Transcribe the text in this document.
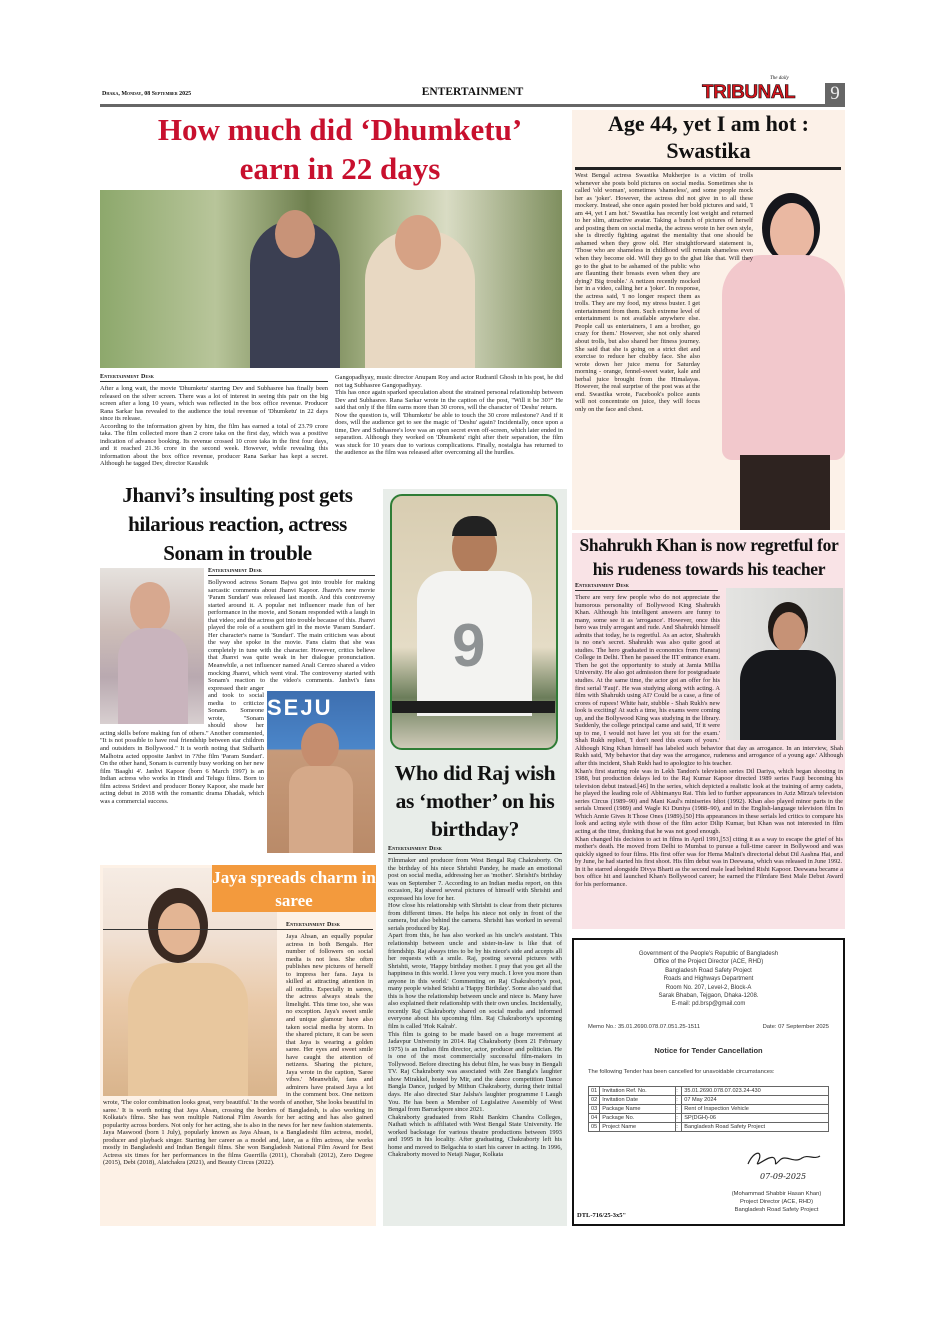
Dhaka, Monday, 08 September 2025	ENTERTAINMENT
The daily
TRIBUNAL 9
How much did ‘Dhumketu’ earn in 22 days
Entertainment Desk

After a long wait, the movie 'Dhumketu' starring Dev and Subhasree has finally been released on the silver screen. There was a lot of interest in seeing this pair on the big screen after a long 10 years, which was reflected in the box office revenue. Producer Rana Sarkar has revealed to the audience the total revenue of 'Dhumketu' in 22 days since its release.

According to the information given by him, the film has earned a total of 23.79 crore taka. The film collected more than 2 crore taka on the first day, which was a positive indication of advance booking. Its revenue crossed 10 crore taka in the first four days, and it reached 21.36 crore in the second week. However, while revealing this information about the box office revenue, producer Rana Sarkar has kept a secret. Although he tagged Dev, director Kaushik

Gangopadhyay, music director Anupam Roy and actor Rudranil Ghosh in his post, he did not tag Subhasree Gangopadhyay.

This has once again sparked speculation about the strained personal relationship between Dev and Subhasree. Rana Sarkar wrote in the caption of the post, "Will it be 30?" He said that only if the film earns more than 30 crores, will the character of 'Deshu' return.

Now the question is, will 'Dhumketu' be able to touch the 30 crore milestone? And if it does, will the audience get to see the magic of 'Deshu' again? Incidentally, once upon a time, Dev and Subhasree's love was an open secret even off-screen, which later ended in separation. Although they worked on 'Dhumketu' right after their separation, the film was stuck for 10 years due to various complications. Finally, nostalgia has returned to the audience as the film was released after overcoming all the hurdles.

Jhanvi’s insulting post gets hilarious reaction, actress Sonam in trouble
SEJU
Entertainment Desk

Bollywood actress Sonam Bajwa got into trouble for making sarcastic comments about Jhanvi Kapoor. Jhanvi's new movie 'Param Sundari' was released last month. And this controversy started around it. A popular net influencer made fun of her performance in the movie, and Sonam responded with a laugh in that video; and the actress got into trouble because of this. Jhanvi played the role of a southern girl in the movie 'Param Sundari'. Her character's name is 'Sundari'. The main criticism was about the way she spoke in the movie. Fans claim that she was completely in tune with the character. However, critics believe that Jhanvi was quite weak in her dialogue pronunciation. Meanwhile, a net influencer named Anali Cerezo shared a video mocking Jhanvi, which went viral. The controversy started with Sonam's reaction to the video's comments. Janhvi's fans expressed their anger and took to social media to criticize Sonam. Someone wrote, "Sonam should show her acting skills before making fun of others." Another commented, "It is not possible to have real friendship between star children and outsiders in Bollywood." It is worth noting that Sidharth Malhotra acted opposite Janhvi in ??the film 'Param Sundari'. On the other hand, Sonam is currently busy working on her new film 'Baaghi 4'. Janhvi Kapoor (born 6 March 1997) is an Indian actress who works in Hindi and Telugu films. Born to film actress Sridevi and producer Boney Kapoor, she made her acting debut in 2018 with the romantic drama Dhadak, which was a commercial success.

9
Who did Raj wish as ‘mother’ on his birthday?
Entertainment Desk

Filmmaker and producer from West Bengal Raj Chakraborty. On the birthday of his niece Shrishti Pandey, he made an emotional post on social media, addressing her as 'mother'. Shrishti's birthday was on September 7. According to an Indian media report, on this occasion, Raj shared several pictures of himself with Shrishti and expressed his love for her.

How close his relationship with Shrishti is clear from their pictures from different times. He helps his niece not only in front of the camera, but also behind the camera. Shrishti has worked in several serials produced by Raj.

Apart from this, he has also worked as his uncle's assistant. This relationship between uncle and sister-in-law is like that of friendship. Raj always tries to be by his niece's side and accepts all her requests with a smile. Raj, posting several pictures with Shrishti, wrote, 'Happy birthday mother. I pray that you get all the happiness in this world. I love you very much. I love you more than anyone in this world.' Commenting on Raj Chakraborty's post, many people wished Srishti a 'Happy Birthday'. Some also said that this is how the relationship between uncle and niece is. Many have also explained their relationship with their own uncles. Incidentally, recently Raj Chakraborty shared on social media and informed everyone about his upcoming film. Raj Chakraborty's upcoming film is called 'Hok Kalrab'.

This film is going to be made based on a huge movement at Jadavpur University in 2014. Raj Chakraborty (born 21 February 1975) is an Indian film director, actor, producer and politician. He is one of the most commercially successful film-makers in Tollywood. Before directing his debut film, he was busy in Bengali TV. Raj Chakraborty was associated with Zee Bangla's laughter show Mirakkel, hosted by Mir, and the dance competition Dance Bangla Dance, judged by Mithun Chakraborty, during their initial days. He also directed Star Jalsha's laughter programme I Laugh You. He has been a Member of Legislative Assembly of West Bengal from Barrackpore since 2021.

Chakraborty graduated from Rishi Bankim Chandra Colleges, Naihati which is affiliated with West Bengal State University. He worked backstage for various theatre productions between 1993 and 1995 in his locality. After graduating, Chakraborty left his home and moved to Belgachia to start his career in acting. In 1996, Chakraborty moved to Netaji Nagar, Kolkata

Entertainment Desk

Jaya Ahsan, an equally popular actress in both Bengals. Her number of followers on social media is not less. She often publishes new pictures of herself to impress her fans. Jaya is skilled at attracting attention in all outfits. Especially in sarees, the actress always steals the limelight. This time too, she was no exception. Jaya's sweet smile and unique glamour have also taken social media by storm. In the shared picture, it can be seen that Jaya is wearing a golden saree. Her eyes and sweet smile have caught the attention of netizens. Sharing the picture, Jaya wrote in the caption, 'Saree vibes.' Meanwhile, fans and admirers have praised Jaya a lot in the comment box. One netizen wrote, 'The color combination looks great, very beautiful.' In the words of another, 'She looks beautiful in saree.' It is worth noting that Jaya Ahsan, crossing the borders of Bangladesh, is also working in Kolkata's films. She has won multiple National Film Awards for her acting and has also gained popularity across borders. Not only for her acting, she is also in the news for her new fashion statements. Jaya Maswood (born 1 July), popularly known as Jaya Ahsan, is a Bangladeshi film actress, model, producer and playback singer. Starting her career as a model and, later, as a film actress, she works mostly in Bangladeshi and Indian Bengali films. She won Bangladesh National Film Award for Best Actress six times for her performances in the films Guerrilla (2011), Chorabali (2012), Zero Degree (2015), Debi (2018), Alatchakra (2021), and Beauty Circus (2022).

Jaya spreads charm in saree
Age 44, yet I am hot : Swastika

West Bengal actress Swastika Mukherjee is a victim of trolls whenever she posts bold pictures on social media. Sometimes she is called 'old woman', sometimes 'shameless', and some people mock her as 'joker'. However, the actress did not give in to all these mockery. Instead, she once again posted her bold pictures and said, 'I am 44, yet I am hot.' Swastika has recently lost weight and returned to her slim, attractive avatar. Taking a bunch of pictures of herself and posting them on social media, the actress wrote in her own style, she is directly fighting against the mentality that one should be ashamed when they grow old. Her straightforward statement is, 'Those who are shameless in childhood will remain shameless even when they become old. Will they go to the ghat like that. Will they go to the ghat to be ashamed of the public who are flaunting their breasts even when they are dying? Big trouble.' A netizen recently mocked her in a video, calling her a 'joker'. In response, the actress said, 'I no longer respect them as trolls. They are my food, my stress buster. I get entertainment from them. Such extreme level of entertainment is not available anywhere else. People call us entertainers, I am a brother, go crazy for them.' However, she not only shared about trolls, but also shared her fitness journey. She said that she is going on a strict diet and exercise to reduce her chubby face. She also wrote down her juice menu for Saturday morning - orange, fennel-sweet water, kale and herbal juice brought from the Himalayas. However, the real surprise of the post was at the end. Swastika wrote, Facebook's police aunts will not concentrate on juice, they will focus only on the face and chest.

Shahrukh Khan is now regretful for his rudeness towards his teacher
Entertainment Desk

There are very few people who do not appreciate the humorous personality of Bollywood King Shahrukh Khan. Although his intelligent answers are funny to many, some see it as 'arrogance'. However, once this hero was truly arrogant and rude. And Shahrukh himself admits that today, he is regretful. As an actor, Shahrukh is no one's secret. Shahrukh was also quite good at studies. The hero graduated in economics from Hansraj College in Delhi. Then he passed the IIT entrance exam. Then he got the opportunity to study at Jamia Millia University. He also got admission there for postgraduate studies. At the same time, the actor got an offer for his first serial 'Fauji'. He was studying along with acting. A film with Shahrukh using AI? Could be a case, a fine of crores of rupees! White hair, stubble - Shah Rukh's new look is exciting! At such a time, his exams were coming up, and the Bollywood King was studying in the library. Suddenly, the college principal came and said, 'If it were up to me, I would not have let you sit for the exam.' Shah Rukh replied, 'I don't need this exam of yours.' Although King Khan himself has labeled such behavior that day as arrogance. In an interview, Shah Rukh said, 'My behavior that day was the arrogance, rudeness and arrogance of a young age.' Although after this incident, Shah Rukh had to apologize to his teacher.

Khan's first starring role was in Lekh Tandon's television series Dil Dariya, which began shooting in 1988, but production delays led to the Raj Kumar Kapoor directed 1989 series Fauji becoming his television debut instead.[46] In the series, which depicted a realistic look at the training of army cadets, he played the leading role of Abhimanyu Rai. This led to further appearances in Aziz Mirza's television series Circus (1989–90) and Mani Kaul's miniseries Idiot (1992). Khan also played minor parts in the serials Umeed (1989) and Wagle Ki Duniya (1988–90), and in the English-language television film In Which Annie Gives It Those Ones (1989).[50] His appearances in these serials led critics to compare his look and acting style with those of the film actor Dilip Kumar, but Khan was not interested in film acting at the time, thinking that he was not good enough.

Khan changed his decision to act in films in April 1991,[53] citing it as a way to escape the grief of his mother's death. He moved from Delhi to Mumbai to pursue a full-time career in Bollywood and was quickly signed to four films. His first offer was for Hema Malini's directorial debut Dil Aashna Hai, and by June, he had started his first shoot. His film debut was in Deewana, which was released in June 1992.

In it he starred alongside Divya Bharti as the second male lead behind Rishi Kapoor. Deewana became a box office hit and launched Khan's Bollywood career; he earned the Filmfare Best Male Debut Award for his performance.

Government of the People's Republic of Bangladesh
Office of the Project Director (ACE, RHD)
Bangladesh Road Safety Project
Roads and Highways Department
Room No. 207, Level-2, Block-A
Sarak Bhaban, Tejgaon, Dhaka-1208.
E-mail: pd.brsp@gmail.com
Memo No.: 35.01.2690.078.07.051.25-1511	Date: 07 September 2025
Notice for Tender Cancellation
The following Tender has been cancelled for unavoidable circumstances:
01	Invitation Ref. No.	:	35.01.2690.078.07.023.24-430
02	Invitation Date	:	07 May 2024
03	Package Name	:	Rent of Inspection Vehicle
04	Package No.	:	SP(DGH)-06
05	Project Name	:	Bangladesh Road Safety Project
07-09-2025
(Mohammad Shabbir Hasan Khan)
Project Director (ACE, RHD)
Bangladesh Road Safety Project
DTL-716/25-3x5"
